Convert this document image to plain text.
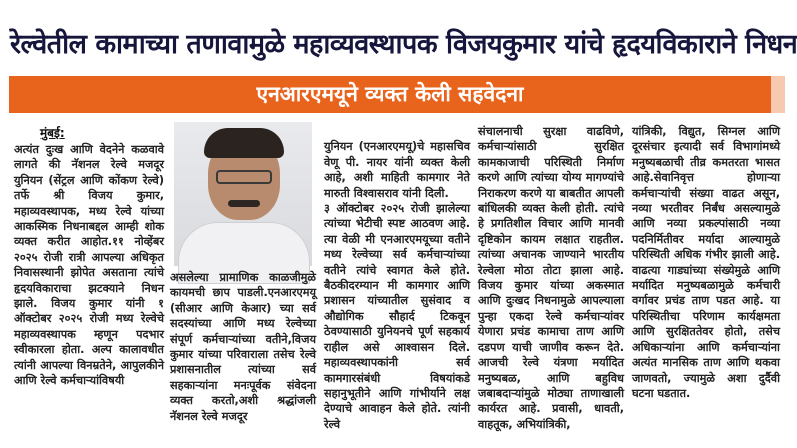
रेल्वेतील कामाच्या तणावामुळे महाव्यवस्थापक विजयकुमार यांचे हृदयविकाराने निधन
एनआरएमयूने व्यक्त केली सहवेदना
मुंबई:

अत्यंत दुःख आणि वेदनेने कळवावे लागते की नॅशनल रेल्वे मजदूर युनियन (सेंट्रल आणि कोंकण रेल्वे) तर्फे श्री विजय कुमार, महाव्यवस्थापक, मध्य रेल्वे यांच्या आकस्मिक निधनाबद्दल आम्ही शोक व्यक्त करीत आहोत.११ नोव्हेंबर २०२५ रोजी रात्री आपल्या अधिकृत निवासस्थानी झोपेत असताना त्यांचे हृदयविकाराचा झटक्याने निधन झाले. विजय कुमार यांनी १ ऑक्टोबर २०२५ रोजी मध्य रेल्वेचे महाव्यवस्थापक म्हणून पदभार स्वीकारला होता. अल्प कालावधीत त्यांनी आपल्या विनम्रतेने, आपुलकीने आणि रेल्वे कर्मचाऱ्यांविषयी

असलेल्या प्रामाणिक काळजीमुळे कायमची छाप पाडली.एनआरएमयू (सीआर आणि केआर) च्या सर्व सदस्यांच्या आणि मध्य रेल्वेच्या संपूर्ण कर्मचाऱ्यांच्या वतीने,विजय कुमार यांच्या परिवाराला तसेच रेल्वे प्रशासनातील त्यांच्या सर्व सहकाऱ्यांना मनःपूर्वक संवेदना व्यक्त करतो,अशी श्रद्धांजली नॅशनल रेल्वे मजदूर

युनियन (एनआरएमयू)चे महासचिव वेणू पी. नायर यांनी व्यक्त केली आहे, अशी माहिती कामगार नेते मारुती विश्वासराव यांनी दिली.
३ ऑक्टोबर २०२५ रोजी झालेल्या त्यांच्या भेटीची स्पष्ट आठवण आहे. त्या वेळी मी एनआरएमयूच्या वतीने मध्य रेल्वेच्या सर्व कर्मचाऱ्यांच्या वतीने त्यांचे स्वागत केले होते. बैठकीदरम्यान मी कामगार आणि प्रशासन यांच्यातील सुसंवाद व औद्योगिक सौहार्द टिकवून ठेवण्यासाठी युनियनचे पूर्ण सहकार्य राहील असे आश्वासन दिले. महाव्यवस्थापकांनी सर्व कामगारसंबंधी विषयांकडे सहानुभूतीने आणि गांभीर्याने लक्ष देण्याचे आवाहन केले होते. त्यांनी रेल्वे

संचालनाची सुरक्षा वाढविणे, कर्मचाऱ्यांसाठी सुरक्षित कामकाजाची परिस्थिती निर्माण करणे आणि त्यांच्या योग्य मागण्यांचे निराकरण करणे या बाबतीत आपली बांधिलकी व्यक्त केली होती. त्यांचे हे प्रगतिशील विचार आणि मानवी दृष्टिकोन कायम लक्षात राहतील. त्यांच्या अचानक जाण्याने भारतीय रेल्वेला मोठा तोटा झाला आहे. विजय कुमार यांच्या अकस्मात आणि दुःखद निधनामुळे आपल्याला पुन्हा एकदा रेल्वे कर्मचाऱ्यांवर येणारा प्रचंड कामाचा ताण आणि दडपण याची जाणीव करून देते. आजची रेल्वे यंत्रणा मर्यादित मनुष्यबळ, आणि बहुविध जबाबदाऱ्यांमुळे मोठ्या ताणाखाली कार्यरत आहे. प्रवासी, धावती, वाहतूक, अभियांत्रिकी,

यांत्रिकी, विद्युत, सिग्नल आणि दूरसंचार इत्यादी सर्व विभागांमध्ये मनुष्यबळाची तीव्र कमतरता भासत आहे.सेवानिवृत्त होणाऱ्या कर्मचाऱ्यांची संख्या वाढत असून, नव्या भरतीवर निर्बंध असल्यामुळे आणि नव्या प्रकल्पांसाठी नव्या पदनिर्मितीवर मर्यादा आल्यामुळे परिस्थिती अधिक गंभीर झाली आहे. वाढत्या गाड्यांच्या संख्येमुळे आणि मर्यादित मनुष्यबळामुळे कर्मचारी वर्गावर प्रचंड ताण पडत आहे. या परिस्थितीचा परिणाम कार्यक्षमता आणि सुरक्षिततेवर होतो, तसेच अधिकाऱ्यांना आणि कर्मचाऱ्यांना अत्यंत मानसिक ताण आणि थकवा जाणवतो, ज्यामुळे अशा दुर्दैवी घटना घडतात.
